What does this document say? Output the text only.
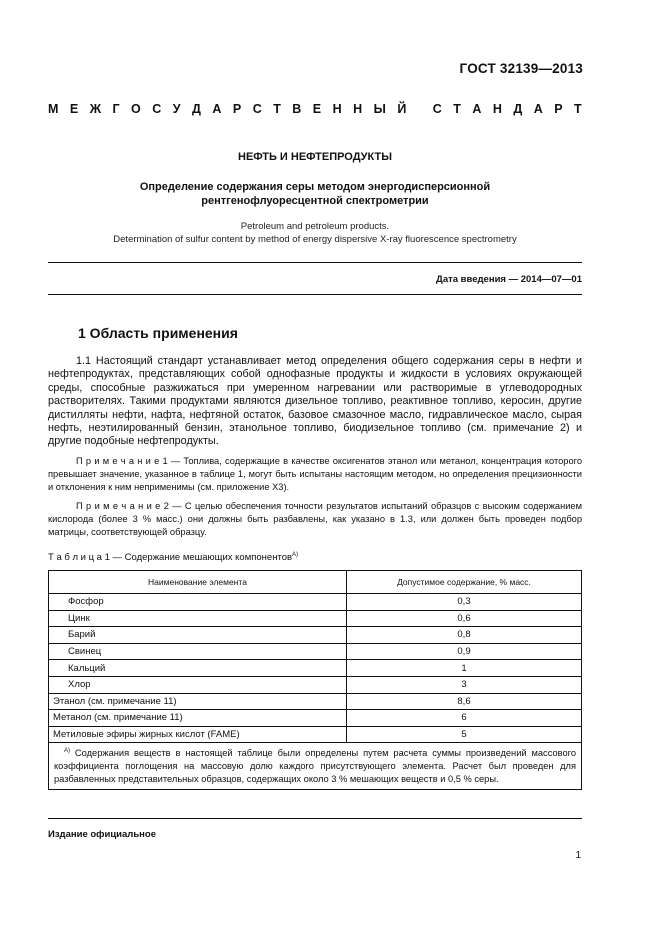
ГОСТ 32139—2013
М Е Ж Г О С У Д А Р С Т В Е Н Н Ы Й
С Т А Н Д А Р Т
НЕФТЬ И НЕФТЕПРОДУКТЫ
Определение содержания серы методом энергодисперсионной
рентгенофлуоресцентной спектрометрии
Petroleum and petroleum products.
Determination of sulfur content by method of energy dispersive X-ray fluorescence spectrometry
Дата введения — 2014—07—01
1 Область применения
1.1 Настоящий стандарт устанавливает метод определения общего содержания серы в нефти и нефтепродуктах, представляющих собой однофазные продукты и жидкости в условиях окружающей среды, способные разжижаться при умеренном нагревании или растворимые в углеводородных растворителях. Такими продуктами являются дизельное топливо, реактивное топливо, керосин, другие дистилляты нефти, нафта, нефтяной остаток, базовое смазочное масло, гидравлическое масло, сырая нефть, неэтилированный бензин, этанольное топливо, биодизельное топливо (см. примечание 2) и другие подобные нефтепродукты.
П р и м е ч а н и е 1 — Топлива, содержащие в качестве оксигенатов этанол или метанол, концентрация которого превышает значение, указанное в таблице 1, могут быть испытаны настоящим методом, но определения прецизионности и отклонения к ним неприменимы (см. приложение Х3).
П р и м е ч а н и е 2 — С целью обеспечения точности результатов испытаний образцов с высоким содержанием кислорода (более 3 % масс.) они должны быть разбавлены, как указано в 1.3, или должен быть проведен подбор матрицы, соответствующей образцу.
Т а б л и ц а 1 — Содержание мешающих компонентов$^{А)}$
Наименование элемента	Допустимое содержание, % масс.
Фосфор	0,3
Цинк	0,6
Барий	0,8
Свинец	0,9
Кальций	1
Хлор	3
Этанол (см. примечание 11)	8,6
Метанол (см. примечание 11)	6
Метиловые эфиры жирных кислот (FAME)	5
$^{А)}$ Содержания веществ в настоящей таблице были определены путем расчета суммы произведений массового коэффициента поглощения на массовую долю каждого присутствующего элемента. Расчет был проведен для разбавленных представительных образцов, содержащих около 3 % мешающих веществ и 0,5 % серы.	
Издание официальное
1
